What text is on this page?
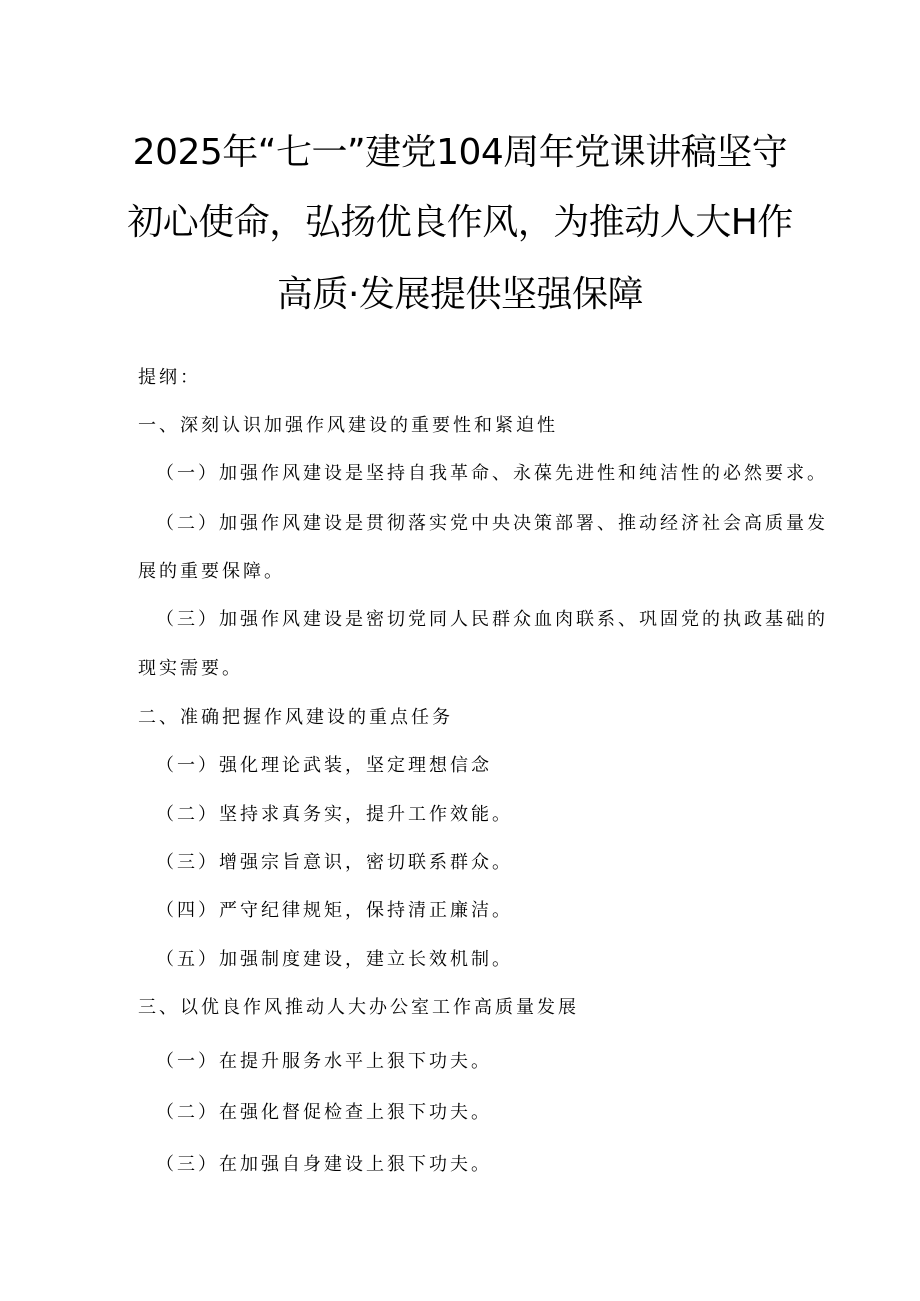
2025年“七一”建党104周年党课讲稿坚守
初心使命，弘扬优良作风，为推动人大H作
高质·发展提供坚强保障
提纲：
一、深刻认识加强作风建设的重要性和紧迫性
（一）加强作风建设是坚持自我革命、永葆先进性和纯洁性的必然要求。
（二）加强作风建设是贯彻落实党中央决策部署、推动经济社会高质量发
展的重要保障。
（三）加强作风建设是密切党同人民群众血肉联系、巩固党的执政基础的
现实需要。
二、准确把握作风建设的重点任务
（一）强化理论武装，坚定理想信念
（二）坚持求真务实，提升工作效能。
（三）增强宗旨意识，密切联系群众。
（四）严守纪律规矩，保持清正廉洁。
（五）加强制度建设，建立长效机制。
三、以优良作风推动人大办公室工作高质量发展
（一）在提升服务水平上狠下功夫。
（二）在强化督促检查上狠下功夫。
（三）在加强自身建设上狠下功夫。
